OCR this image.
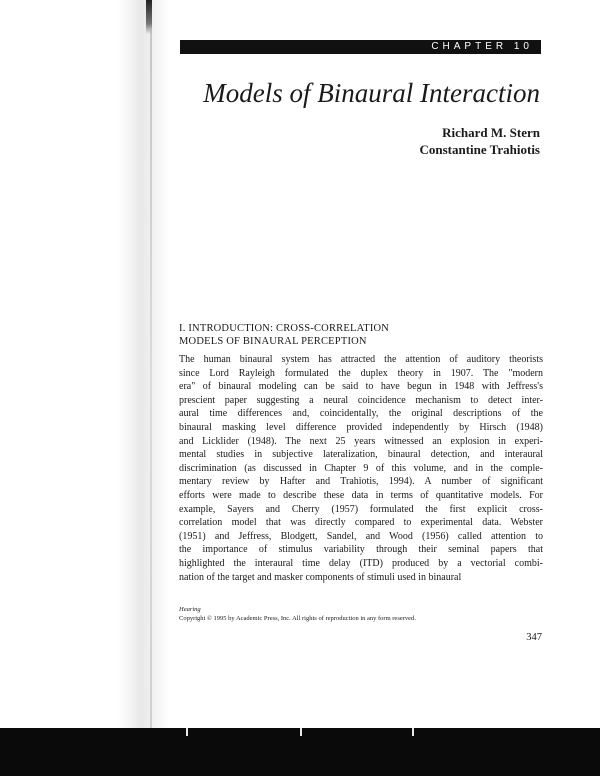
CHAPTER 10
Models of Binaural Interaction
Richard M. Stern
Constantine Trahiotis
I. INTRODUCTION: CROSS-CORRELATION
MODELS OF BINAURAL PERCEPTION
The human binaural system has attracted the attention of auditory theorists
since Lord Rayleigh formulated the duplex theory in 1907. The "modern
era" of binaural modeling can be said to have begun in 1948 with Jeffress's
prescient paper suggesting a neural coincidence mechanism to detect inter-
aural time differences and, coincidentally, the original descriptions of the
binaural masking level difference provided independently by Hirsch (1948)
and Licklider (1948). The next 25 years witnessed an explosion in experi-
mental studies in subjective lateralization, binaural detection, and interaural
discrimination (as discussed in Chapter 9 of this volume, and in the comple-
mentary review by Hafter and Trahiotis, 1994). A number of significant
efforts were made to describe these data in terms of quantitative models. For
example, Sayers and Cherry (1957) formulated the first explicit cross-
correlation model that was directly compared to experimental data. Webster
(1951) and Jeffress, Blodgett, Sandel, and Wood (1956) called attention to
the importance of stimulus variability through their seminal papers that
highlighted the interaural time delay (ITD) produced by a vectorial combi-
nation of the target and masker components of stimuli used in binaural
Hearing
Copyright © 1995 by Academic Press, Inc. All rights of reproduction in any form reserved.
347
